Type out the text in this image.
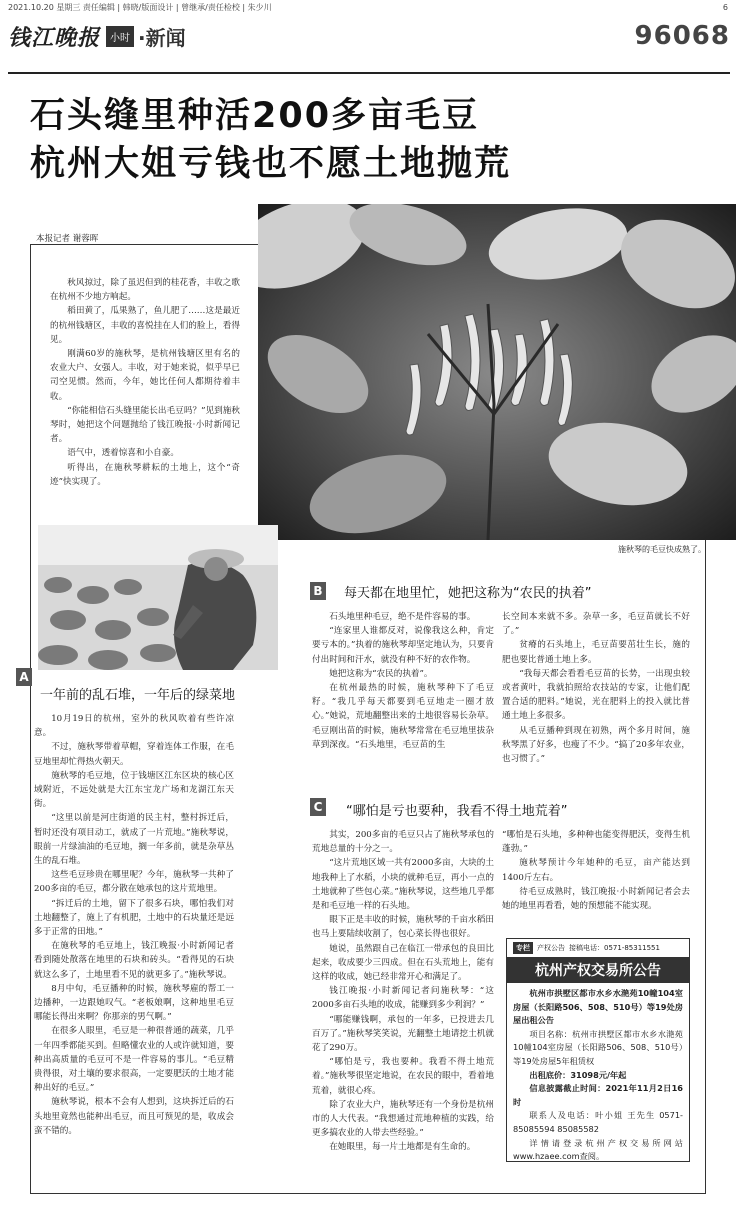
2021.10.20 星期三 责任编辑 | 韩晓/版面设计 | 曾继承/责任检校 | 朱少川	6
钱江晚报	小时 ·新闻	96068
石头缝里种活200多亩毛豆
杭州大姐亏钱也不愿土地抛荒
施秋琴的毛豆快成熟了。
本报记者 谢蓉晖

秋风掠过，除了虽迟但到的桂花香，丰收之歌在杭州不少地方响起。

稻田黄了，瓜果熟了，鱼儿肥了……这是最近的杭州钱塘区，丰收的喜悦挂在人们的脸上，看得见。

刚满60岁的施秋琴，是杭州钱塘区里有名的农业大户、女强人。丰收，对于她来说，似乎早已司空见惯。然而，今年，她比任何人都期待着丰收。

“你能相信石头缝里能长出毛豆吗？”见到施秋琴时，她把这个问题抛给了钱江晚报·小时新闻记者。

语气中，透着惊喜和小自豪。

听得出，在施秋琴耕耘的土地上，这个“奇迹”快实现了。

A
一年前的乱石堆，一年后的绿菜地

10月19日的杭州，室外的秋风吹着有些许凉意。

不过，施秋琴带着草帽，穿着连体工作服，在毛豆地里却忙得热火朝天。

施秋琴的毛豆地，位于钱塘区江东区块的核心区域附近，不远处就是大江东宝龙广场和龙湖江东天街。

“这里以前是河庄街道的民主村，整村拆迁后，暂时还没有项目动工，就成了一片荒地。”施秋琴说，眼前一片绿油油的毛豆地，搁一年多前，就是杂草丛生的乱石堆。

这些毛豆珍贵在哪里呢？今年，施秋琴一共种了200多亩的毛豆，都分散在她承包的这片荒地里。

“拆迁后的土地，留下了很多石块，哪怕我们对土地翻整了，施上了有机肥，土地中的石块量还是远多于正常的田地。”

在施秋琴的毛豆地上，钱江晚报·小时新闻记者看到随处散落在地里的石块和砖头。“看得见的石块就这么多了，土地里看不见的就更多了。”施秋琴说。

8月中旬，毛豆播种的时候，施秋琴雇的帮工一边播种，一边跟她叹气。“老板娘啊，这种地里毛豆哪能长得出来啊？你那亲的男气啊。”

在很多人眼里，毛豆是一种很普通的蔬菜，几乎一年四季都能买到。但略懂农业的人或许就知道，要种出高质量的毛豆可不是一件容易的事儿。“毛豆精贵得很，对土壤的要求很高，一定要肥沃的土地才能种出好的毛豆。”

施秋琴说，根本不会有人想到，这块拆迁后的石头地里竟然也能种出毛豆，而且可预见的是，收成会蛮不错的。

B 每天都在地里忙，她把这称为“农民的执着”

石头地里种毛豆，绝不是件容易的事。

“连家里人谁都反对，说像我这么种，肯定要亏本的。”执着的施秋琴却坚定地认为，只要肯付出时间和汗水，就没有种不好的农作物。

她把这称为“农民的执着”。

在杭州最热的时候，施秋琴种下了毛豆籽。“我几乎每天都要到毛豆地走一圈才放心。”她说，荒地翻整出来的土地很容易长杂草。毛豆刚出苗的时候，施秋琴常常在毛豆地里拔杂草到深夜。“石头地里，毛豆苗的生

长空间本来就不多。杂草一多，毛豆苗就长不好了。”

贫瘠的石头地上，毛豆苗要茁壮生长，施的肥也要比普通土地上多。

“我每天都会看看毛豆苗的长势，一出现虫较或者黄叶，我就拍照给农技站的专家，让他们配置合适的肥料。”她说，光在肥料上的投入就比普通土地上多很多。

从毛豆播种到现在初熟，两个多月时间，施秋琴黑了好多，也瘦了不少。“搞了20多年农业，也习惯了。”

C “哪怕是亏也要种，我看不得土地荒着”

其实，200多亩的毛豆只占了施秋琴承包的荒地总量的十分之一。

“这片荒地区域一共有2000多亩，大块的土地我种上了水稻，小块的就种毛豆，再小一点的土地就种了些包心菜。”施秋琴说，这些地几乎都是和毛豆地一样的石头地。

眼下正是丰收的时候，施秋琴的千亩水稻田也马上要陆续收割了，包心菜长得也很好。

她说，虽然跟自己在临江一带承包的良田比起来，收成要少三四成。但在石头荒地上，能有这样的收成，她已经非常开心和满足了。

钱江晚报·小时新闻记者问施秋琴：“这2000多亩石头地的收成，能赚到多少利润？”

“哪能赚钱啊，承包的一年多，已投进去几百万了。”施秋琴笑笑说，光翻整土地请挖土机就花了290万。

“哪怕是亏，我也要种。我看不得土地荒着。”施秋琴很坚定地说，在农民的眼中，看着地荒着，就很心疼。

除了农业大户，施秋琴还有一个身份是杭州市的人大代表。“我想通过荒地种植的实践，给更多搞农业的人带去些经验。”

在她眼里，每一片土地都是有生命的。

“哪怕是石头地，多种种也能变得肥沃，变得生机蓬勃。”

施秋琴预计今年她种的毛豆，亩产能达到1400斤左右。

待毛豆成熟时，钱江晚报·小时新闻记者会去她的地里再看看，她的预想能不能实现。

专栏	产权公告 接稿电话：0571-85311551
杭州产权交易所公告

杭州市拱墅区都市水乡水滟苑10幢104室房屋（长阳路506、508、510号）等19处房屋出租公告

项目名称：杭州市拱墅区都市水乡水滟苑10幢104室房屋（长阳路506、508、510号）等19处房屋5年租赁权

出租底价：31098元/年起

信息披露截止时间：2021年11月2日16时

联系人及电话：叶小姐 王先生 0571-85085594 85085582

详情请登录杭州产权交易所网站www.hzaee.com查阅。
